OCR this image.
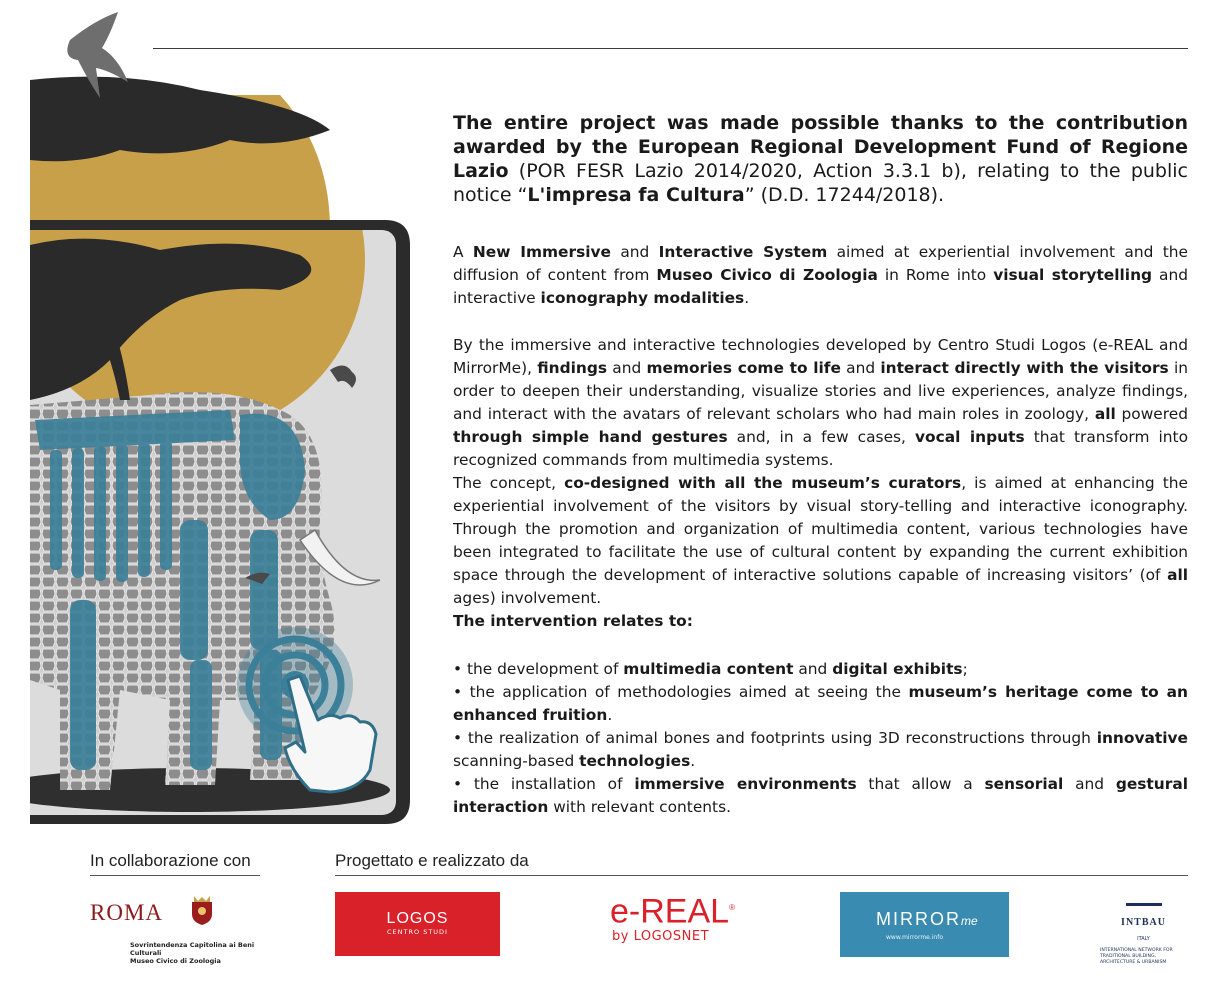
The entire project was made possible thanks to the contribution awarded by the European Regional Development Fund of Regione Lazio (POR FESR Lazio 2014/2020, Action 3.3.1 b), relating to the public notice “L'impresa fa Cultura” (D.D. 17244/2018).

A New Immersive and Interactive System aimed at experiential involvement and the diffusion of content from Museo Civico di Zoologia in Rome into visual storytelling and interactive iconography modalities.

By the immersive and interactive technologies developed by Centro Studi Logos (e-REAL and MirrorMe), findings and memories come to life and interact directly with the visitors in order to deepen their understanding, visualize stories and live experiences, analyze findings, and interact with the avatars of relevant scholars who had main roles in zoology, all powered through simple hand gestures and, in a few cases, vocal inputs that transform into recognized commands from multimedia systems.

The concept, co-designed with all the museum’s curators, is aimed at enhancing the experiential involvement of the visitors by visual story-telling and interactive iconography. Through the promotion and organization of multimedia content, various technologies have been integrated to facilitate the use of cultural content by expanding the current exhibition space through the development of interactive solutions capable of increasing visitors’ (of all ages) involvement.

The intervention relates to:

• the development of multimedia content and digital exhibits;
• the application of methodologies aimed at seeing the museum’s heritage come to an enhanced fruition.
• the realization of animal bones and footprints using 3D reconstructions through innovative scanning-based technologies.
• the installation of immersive environments that allow a sensorial and gestural interaction with relevant contents.
In collaborazione con	Progettato e realizzato da
ROMA
Sovrintendenza Capitolina ai Beni Culturali
Museo Civico di Zoologia
LOGOS
CENTRO STUDI
e-REAL®
by LOGOSNET
MIRRORme
www.mirrorme.info
INTBAU
ITALY
INTERNATIONAL NETWORK FOR TRADITIONAL BUILDING, ARCHITECTURE & URBANISM
